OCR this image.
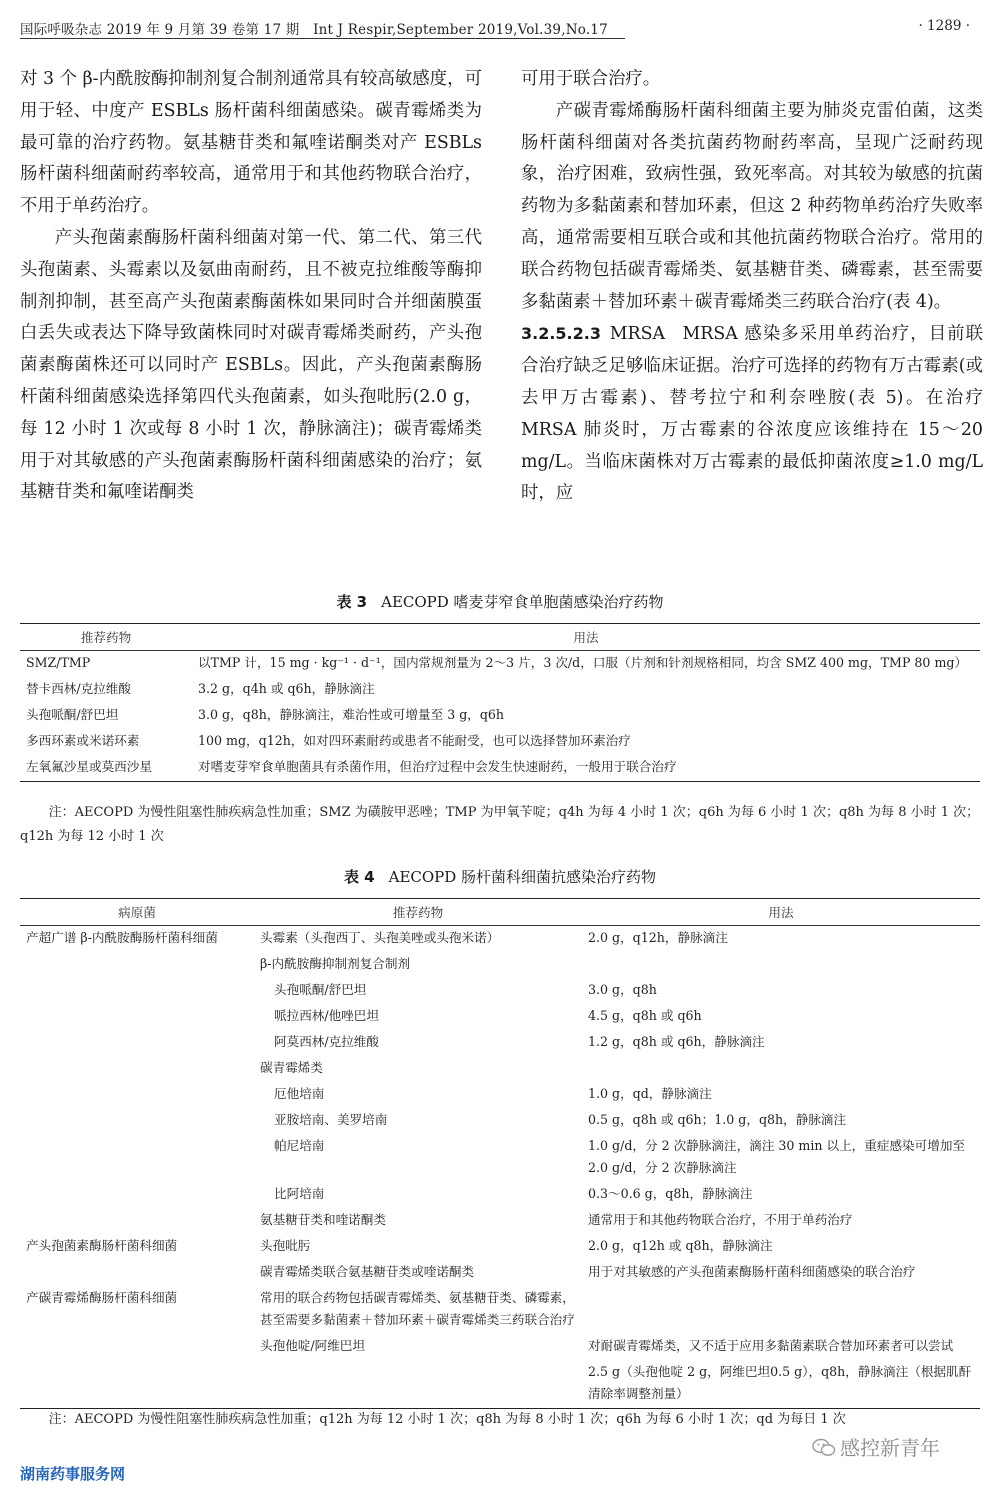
国际呼吸杂志 2019 年 9 月第 39 卷第 17 期　Int J Respir,September 2019,Vol.39,No.17	· 1289 ·

对 3 个 β-内酰胺酶抑制剂复合制剂通常具有较高敏感度，可用于轻、中度产 ESBLs 肠杆菌科细菌感染。碳青霉烯类为最可靠的治疗药物。氨基糖苷类和氟喹诺酮类对产 ESBLs 肠杆菌科细菌耐药率较高，通常用于和其他药物联合治疗，不用于单药治疗。

产头孢菌素酶肠杆菌科细菌对第一代、第二代、第三代头孢菌素、头霉素以及氨曲南耐药，且不被克拉维酸等酶抑制剂抑制，甚至高产头孢菌素酶菌株如果同时合并细菌膜蛋白丢失或表达下降导致菌株同时对碳青霉烯类耐药，产头孢菌素酶菌株还可以同时产 ESBLs。因此，产头孢菌素酶肠杆菌科细菌感染选择第四代头孢菌素，如头孢吡肟(2.0 g，每 12 小时 1 次或每 8 小时 1 次，静脉滴注)；碳青霉烯类用于对其敏感的产头孢菌素酶肠杆菌科细菌感染的治疗；氨基糖苷类和氟喹诺酮类

可用于联合治疗。

产碳青霉烯酶肠杆菌科细菌主要为肺炎克雷伯菌，这类肠杆菌科细菌对各类抗菌药物耐药率高，呈现广泛耐药现象，治疗困难，致病性强，致死率高。对其较为敏感的抗菌药物为多黏菌素和替加环素，但这 2 种药物单药治疗失败率高，通常需要相互联合或和其他抗菌药物联合治疗。常用的联合药物包括碳青霉烯类、氨基糖苷类、磷霉素，甚至需要多黏菌素＋替加环素＋碳青霉烯类三药联合治疗(表 4)。

3.2.5.2.3  MRSA   MRSA 感染多采用单药治疗，目前联合治疗缺乏足够临床证据。治疗可选择的药物有万古霉素(或去甲万古霉素)、替考拉宁和利奈唑胺(表 5)。在治疗 MRSA 肺炎时，万古霉素的谷浓度应该维持在 15～20 mg/L。当临床菌株对万古霉素的最低抑菌浓度≥1.0 mg/L 时，应

表 3 AECOPD 嗜麦芽窄食单胞菌感染治疗药物
推荐药物	用法
SMZ/TMP	以TMP 计，15 mg · kg⁻¹ · d⁻¹，国内常规剂量为 2～3 片，3 次/d，口服（片剂和针剂规格相同，均含 SMZ 400 mg，TMP 80 mg）
替卡西林/克拉维酸	3.2 g，q4h 或 q6h，静脉滴注
头孢哌酮/舒巴坦	3.0 g，q8h，静脉滴注，难治性或可增量至 3 g，q6h
多西环素或米诺环素	100 mg，q12h，如对四环素耐药或患者不能耐受，也可以选择替加环素治疗
左氧氟沙星或莫西沙星	对嗜麦芽窄食单胞菌具有杀菌作用，但治疗过程中会发生快速耐药，一般用于联合治疗
注：AECOPD 为慢性阻塞性肺疾病急性加重；SMZ 为磺胺甲恶唑；TMP 为甲氧苄啶；q4h 为每 4 小时 1 次；q6h 为每 6 小时 1 次；q8h 为每 8 小时 1 次；q12h 为每 12 小时 1 次
表 4 AECOPD 肠杆菌科细菌抗感染治疗药物
病原菌	推荐药物	用法
产超广谱 β-内酰胺酶肠杆菌科细菌	头霉素（头孢西丁、头孢美唑或头孢米诺）	2.0 g，q12h，静脉滴注
	β-内酰胺酶抑制剂复合制剂	
	头孢哌酮/舒巴坦	3.0 g，q8h
	哌拉西林/他唑巴坦	4.5 g，q8h 或 q6h
	阿莫西林/克拉维酸	1.2 g，q8h 或 q6h，静脉滴注
	碳青霉烯类	
	厄他培南	1.0 g，qd，静脉滴注
	亚胺培南、美罗培南	0.5 g，q8h 或 q6h；1.0 g，q8h，静脉滴注
	帕尼培南	1.0 g/d，分 2 次静脉滴注，滴注 30 min 以上，重症感染可增加至 2.0 g/d，分 2 次静脉滴注
	比阿培南	0.3～0.6 g，q8h，静脉滴注
	氨基糖苷类和喹诺酮类	通常用于和其他药物联合治疗，不用于单药治疗
产头孢菌素酶肠杆菌科细菌	头孢吡肟	2.0 g，q12h 或 q8h，静脉滴注
	碳青霉烯类联合氨基糖苷类或喹诺酮类	用于对其敏感的产头孢菌素酶肠杆菌科细菌感染的联合治疗
产碳青霉烯酶肠杆菌科细菌	常用的联合药物包括碳青霉烯类、氨基糖苷类、磷霉素，甚至需要多黏菌素＋替加环素＋碳青霉烯类三药联合治疗	
	头孢他啶/阿维巴坦	对耐碳青霉烯类，又不适于应用多黏菌素联合替加环素者可以尝试
		2.5 g（头孢他啶 2 g，阿维巴坦0.5 g），q8h，静脉滴注（根据肌酐清除率调整剂量）
注：AECOPD 为慢性阻塞性肺疾病急性加重；q12h 为每 12 小时 1 次；q8h 为每 8 小时 1 次；q6h 为每 6 小时 1 次；qd 为每日 1 次
湖南药事服务网
感控新青年
